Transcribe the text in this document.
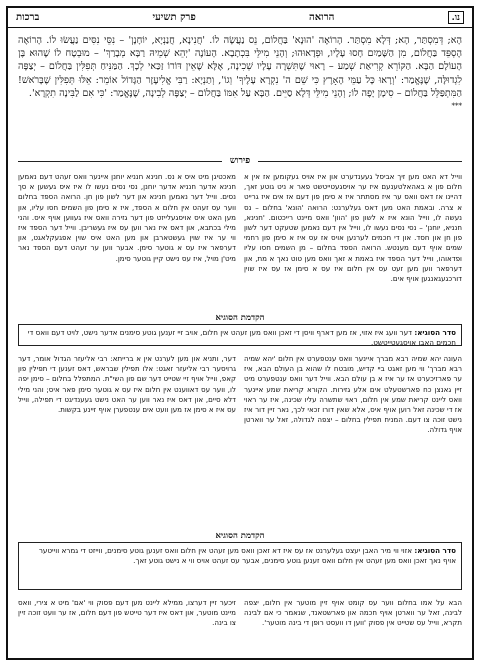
נו.
הרואה
פרק תשיעי
ברכות
הָא; דְּמִסְתַּר, הָא; דְּלָא מִסְתַּר. הָרוֹאֶה 'הוּנָא' בַּחֲלוֹם, נֵס נַעֲשָׂה לוֹ. 'חֲנִינָא, חֲנַנְיָא, יוֹחָנָן' – נִסֵּי נִסִּים נַעֲשׂוּ לוֹ. הָרוֹאֶה הֶסְפֵּד בַּחֲלוֹם, מִן הַשָּׁמַיִם חָסוּ עָלָיו, וּפְדָאוּהוּ; וְהָנֵי מִילֵּי בִּכְתָבָא. הָעוֹנֶה 'יְהֵא שְׁמֵיהּ רַבָּא מְבָרַךְ' – מוּבְטָח לוֹ שֶׁהוּא בֶּן הָעוֹלָם הַבָּא. הַקּוֹרֵא קְרִיאַת שְׁמַע – רָאוּי שֶׁתִּשְׁרֶה עָלָיו שְׁכִינָה, אֶלָּא שֶׁאֵין דּוֹרוֹ זַכַּאי לְכָךְ. הַמַּנִּיחַ תְּפִלִּין בַּחֲלוֹם – יְצַפֶּה לִגְדוּלָּה, שֶׁנֶּאֱמַר: 'וְרָאוּ כָּל עַמֵּי הָאָרֶץ כִּי שֵׁם ה' נִקְרָא עָלֶיךָ' וְגוֹ', וְתַנְיָא: רַבִּי אֱלִיעֶזֶר הַגָּדוֹל אוֹמֵר: אֵלּוּ תְּפִלִּין שֶׁבָּרֹאשׁ! הַמִּתְפַּלֵּל בַּחֲלוֹם – סִימָן יָפֶה לוֹ; וְהָנֵי מִילֵּי דְּלָא סַיֵּים. הַבָּא עַל אִמּוֹ בַּחֲלוֹם – יְצַפֶּה לְבִינָה, שֶׁנֶּאֱמַר: 'כִּי אִם לַבִּינָה תִקְרָא'.
***
פירוש
ווייל דא האט מען זיך אביסל געענדערט און איז אויס געקומען אז אין א חלום פון א באהאלטענעם איז ער אויסגעטייטשט פאר א ניט גוטע זאך, דהיינו אז דאס וואס ער איז מסתתר איז א סימן פון דעם אז אים איז גרייט א צרה. ובאמת האט מען דאס געלערנט: הרואה 'הונא' בחלום – נס נעשה לו, ווייל הונא איז א לשון פון 'הוון' וואס מיינט רייכטום. 'חנינא, חנניא, יוחנן' – נסי נסים נעשו לו, ווייל אין דעם נאמען שטעקט דער לשון פון חן און חסד. און די חכמים לערנען אויס אז עס איז א סימן פון רחמי שמים אויף דעם מענטש. הרואה הספד בחלום – מן השמים חסו עליו ופדאוהו, ווייל דער הספד איז באמת א זאך וואס מען טוט נאך א מת, און דערפאר ווען מען זעט עס אין חלום איז עס א סימן אז עס איז שוין דורכגעגאנגען אויף אים.
מאכטיגן מיט איס א נס. חנינא חנניא יוחנן איינער וואס זעהט דעם נאמען חנינא אדער חנניא אדער יוחנן, נסי נסים נעשו לו איז איס געשען א סך נסים. ווייל דער נאמען חנינא און דער לשון פון חן. הרואה הספד בחלום ווער עס זעהט אין חלום א הספד, איז א סימן פון השמים חסו עליו, און מען האט איס אויסגעלייזט פון דער גזירה וואס איז געווען אויף איס. והני מילי בכתבא, און דאס איז נאר ווען עס איז געשריבן. ווייל דער הספד איז ווי ער איז שוין געשטארבן און מען האט איס שוין אפגעקלאגט, און דערפאר איז עס א גוטער סימן. אבער ווען ער זעהט דעם הספד נאר מיט'ן מויל, איז עס נישט קיין גוטער סימן.
הקדמת הסוגיא
סדר הסוגיא: דער וועג איז אזוי, אז מען דארף וויסן די זאכן וואס מען זעהט אין חלום, אויב זיי זענען גוטע סימנים אדער נישט, לויט דעם וואס די חכמים האבן אויסגעטייטשט.
העונה יהא שמיה רבא מברך איינער וואס ענטפערט אין חלום 'יהא שמיה רבא מברך' ווי מען זאגט ביי קדיש, מובטח לו שהוא בן העולם הבא, איז ער פארזיכערט אז ער איז א בן עולם הבא. ווייל דער וואס ענטפערט מיט זיין גאנצן כח פארשטעלט אים אלע גזירות. הקורא קריאת שמע איינער וואס ליינט קריאת שמע אין חלום, ראוי שתשרה עליו שכינה, איז ער ראוי אז די שכינה זאל רוען אויף איס, אלא שאין דורו זכאי לכך, נאר זיין דור איז נישט זוכה צו דעם. המניח תפילין בחלום – יצפה לגדולה, זאל ער ווארטן אויף גדולה.
דער, ותניא און מען לערנט אין א ברייתא: רבי אליעזר הגדול אומר, דער גרויסער רבי אליעזר זאגט: אלו תפילין שבראש, דאס זענען די תפילין פון קאפ, ווייל אויף זיי שטייט דער שם פון השי"ת. המתפלל בחלום – סימן יפה לו, ווער עס דאווענט אין חלום איז עס א גוטער סימן פאר איס; והני מילי דלא סיים, און דאס איז נאר ווען ער האט נישט געענדיגט די תפילה, ווייל עס איז א סימן אז מען וועט אים ענטפערן אויף זיינע בקשות.
הקדמת הסוגיא
סדר הסוגיא: אזוי ווי מיר האבן יעצט געלערנט אז עס איז דא זאכן וואס מען זעהט אין חלום וואס זענען גוטע סימנים, ווייזט די גמרא ווייטער אויף נאך זאכן וואס מען זעהט אין חלום וואס זענען גוטע סימנים, אבער עס זעהט אויס ווי א נישט גוטע זאך.
הבא על אמו בחלום ווער עס קומט אויף זיין מוטער אין חלום, יצפה לבינה, זאל ער ווארטן אויף חכמה און פארשטאנד, שנאמר כי אם לבינה תקרא, ווייל עס שטייט אין פסוק 'ווען דו וועסט רופן די בינה מוטער'.
זיכער זיין דערצו, ממילא ליינט מען דעם פסוק ווי 'אם' מיט א צירי, וואס מיינט מוטער, און דאס איז דער טייטש פון דעם חלום, אז ער וועט זוכה זיין צו בינה.
